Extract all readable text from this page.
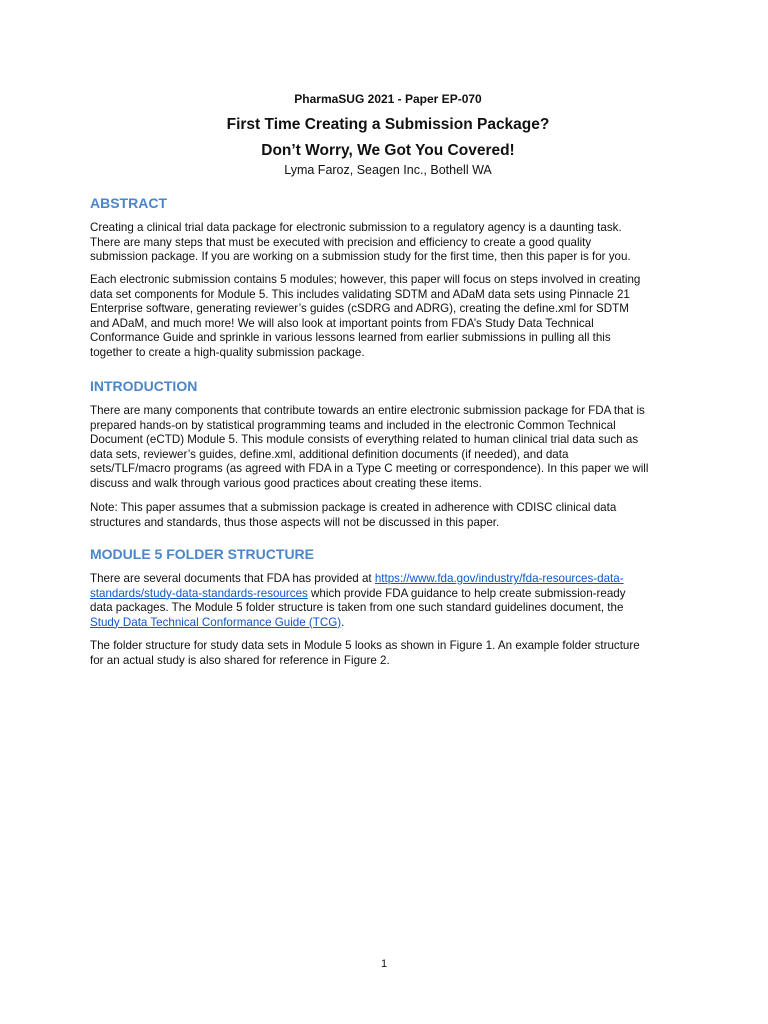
PharmaSUG 2021 - Paper EP-070
First Time Creating a Submission Package?
Don’t Worry, We Got You Covered!
Lyma Faroz, Seagen Inc., Bothell WA
ABSTRACT

Creating a clinical trial data package for electronic submission to a regulatory agency is a daunting task. There are many steps that must be executed with precision and efficiency to create a good quality submission package. If you are working on a submission study for the first time, then this paper is for you.

Each electronic submission contains 5 modules; however, this paper will focus on steps involved in creating data set components for Module 5. This includes validating SDTM and ADaM data sets using Pinnacle 21 Enterprise software, generating reviewer’s guides (cSDRG and ADRG), creating the define.xml for SDTM and ADaM, and much more! We will also look at important points from FDA’s Study Data Technical Conformance Guide and sprinkle in various lessons learned from earlier submissions in pulling all this together to create a high-quality submission package.

INTRODUCTION

There are many components that contribute towards an entire electronic submission package for FDA that is prepared hands-on by statistical programming teams and included in the electronic Common Technical Document (eCTD) Module 5. This module consists of everything related to human clinical trial data such as data sets, reviewer’s guides, define.xml, additional definition documents (if needed), and data sets/TLF/macro programs (as agreed with FDA in a Type C meeting or correspondence). In this paper we will discuss and walk through various good practices about creating these items.

Note: This paper assumes that a submission package is created in adherence with CDISC clinical data structures and standards, thus those aspects will not be discussed in this paper.

MODULE 5 FOLDER STRUCTURE

There are several documents that FDA has provided at https://www.fda.gov/industry/fda-resources-data-standards/study-data-standards-resources which provide FDA guidance to help create submission-ready data packages. The Module 5 folder structure is taken from one such standard guidelines document, the Study Data Technical Conformance Guide (TCG).

The folder structure for study data sets in Module 5 looks as shown in Figure 1. An example folder structure for an actual study is also shared for reference in Figure 2.

1
